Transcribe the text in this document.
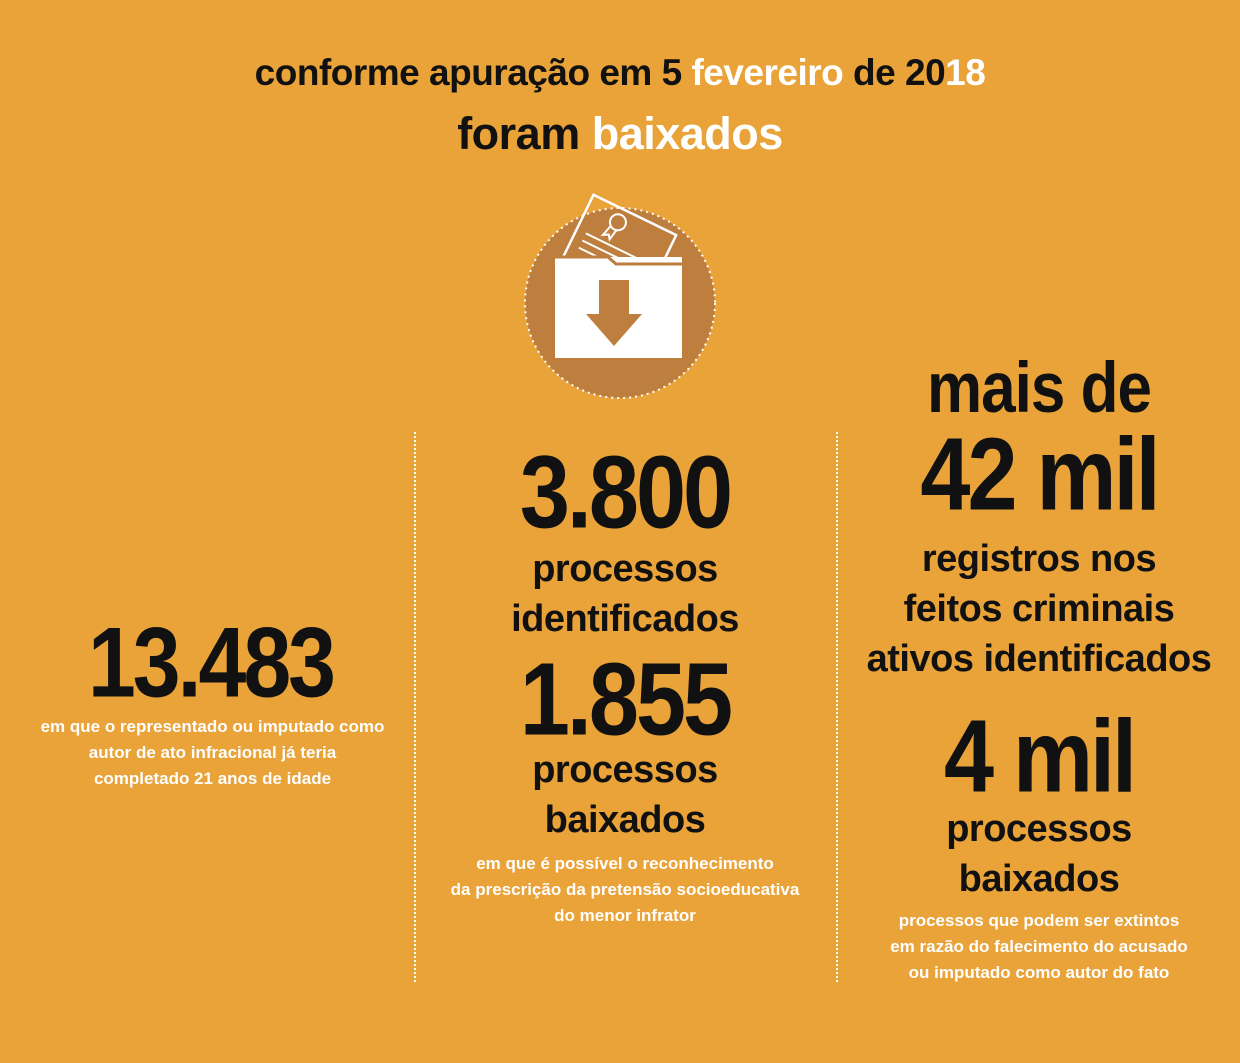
conforme apuração em 5 fevereiro de 2018
foram baixados
13.483
em que o representado ou imputado como
autor de ato infracional já teria
completado 21 anos de idade
3.800
processos
identificados
1.855
processos
baixados
em que é possível o reconhecimento
da prescrição da pretensão socioeducativa
do menor infrator
mais de
42 mil
registros nos
feitos criminais
ativos identificados
4 mil
processos
baixados
processos que podem ser extintos
em razão do falecimento do acusado
ou imputado como autor do fato
